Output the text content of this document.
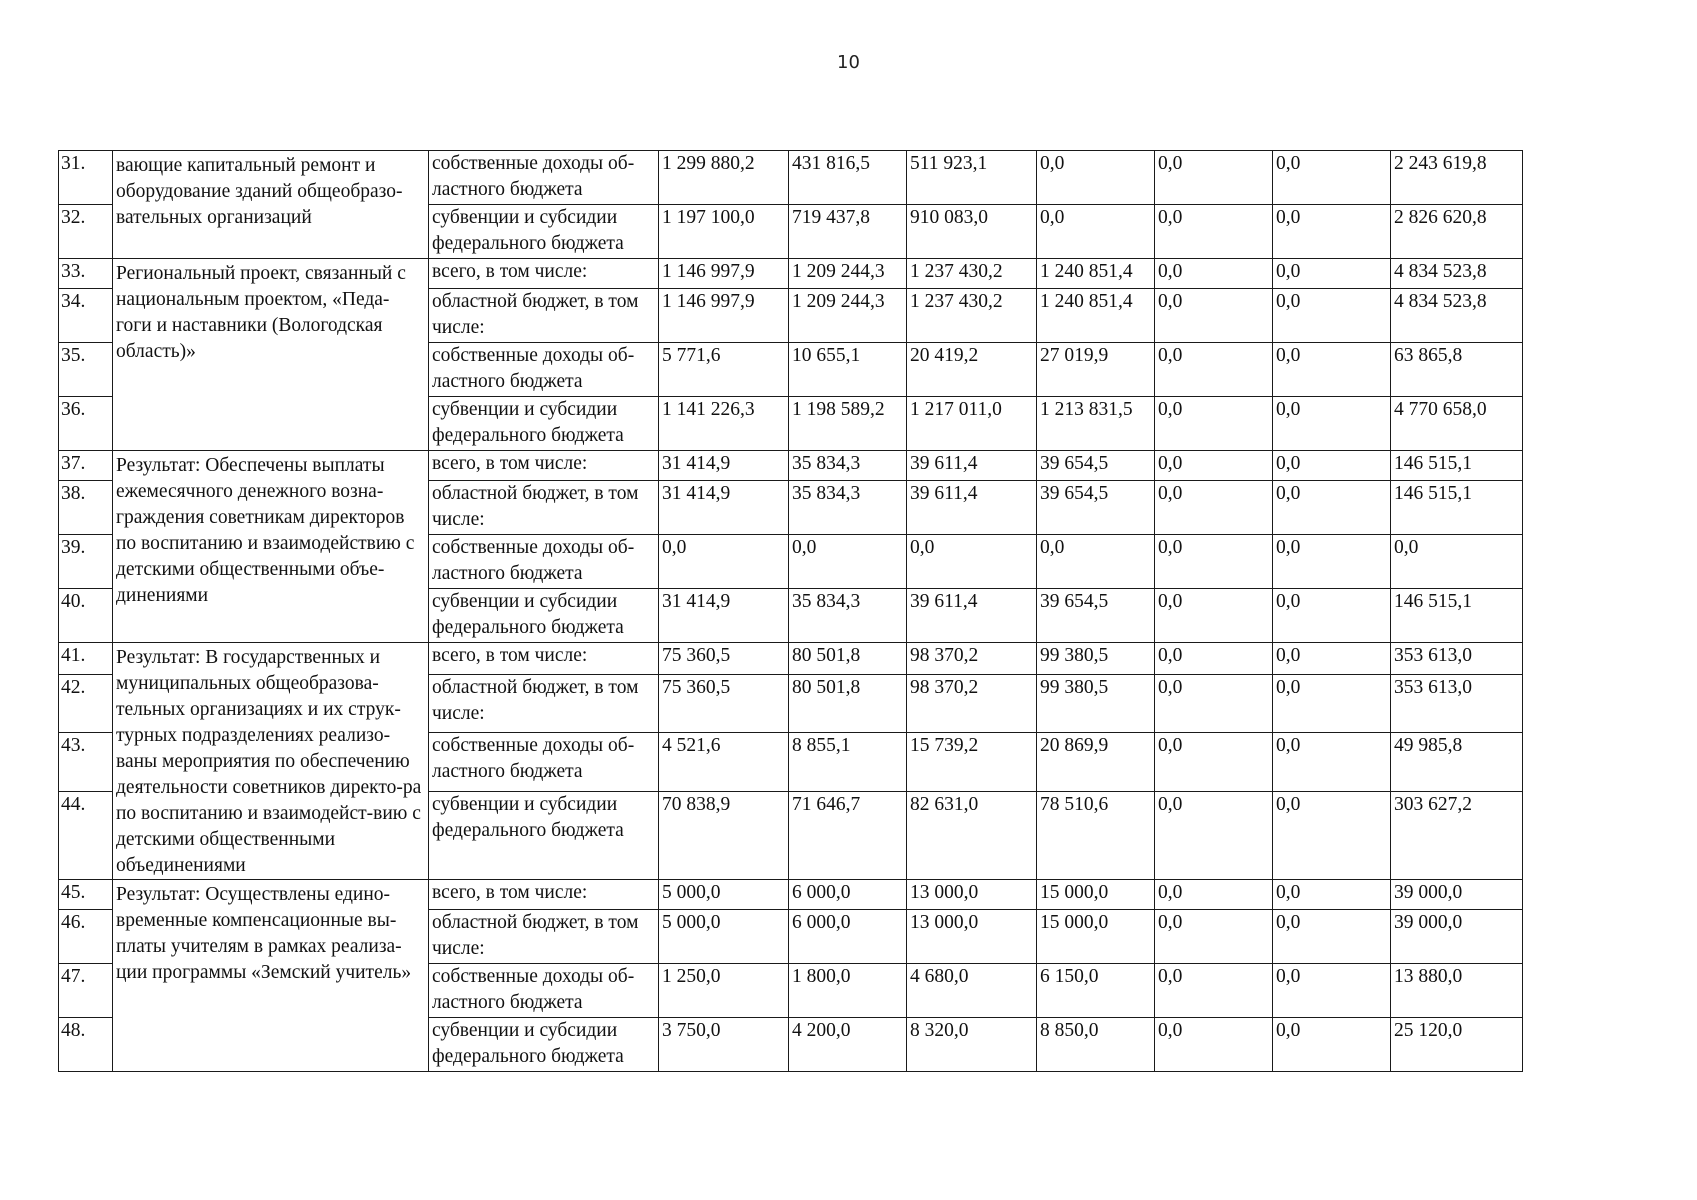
10
31.	вающие капитальный ремонт и оборудование зданий общеобразо-вательных организаций	собственные доходы об-ластного бюджета	1 299 880,2	431 816,5	511 923,1	0,0	0,0	0,0	2 243 619,8
32.		субвенции и субсидии федерального бюджета	1 197 100,0	719 437,8	910 083,0	0,0	0,0	0,0	2 826 620,8
33.	Региональный проект, связанный с национальным проектом, «Педа-гоги и наставники (Вологодская область)»	всего, в том числе:	1 146 997,9	1 209 244,3	1 237 430,2	1 240 851,4	0,0	0,0	4 834 523,8
34.		областной бюджет, в том числе:	1 146 997,9	1 209 244,3	1 237 430,2	1 240 851,4	0,0	0,0	4 834 523,8
35.		собственные доходы об-ластного бюджета	5 771,6	10 655,1	20 419,2	27 019,9	0,0	0,0	63 865,8
36.		субвенции и субсидии федерального бюджета	1 141 226,3	1 198 589,2	1 217 011,0	1 213 831,5	0,0	0,0	4 770 658,0
37.	Результат: Обеспечены выплаты ежемесячного денежного возна-граждения советникам директоров по воспитанию и взаимодействию с детскими общественными объе-динениями	всего, в том числе:	31 414,9	35 834,3	39 611,4	39 654,5	0,0	0,0	146 515,1
38.		областной бюджет, в том числе:	31 414,9	35 834,3	39 611,4	39 654,5	0,0	0,0	146 515,1
39.		собственные доходы об-ластного бюджета	0,0	0,0	0,0	0,0	0,0	0,0	0,0
40.		субвенции и субсидии федерального бюджета	31 414,9	35 834,3	39 611,4	39 654,5	0,0	0,0	146 515,1
41.	Результат: В государственных и муниципальных общеобразова-тельных организациях и их струк-турных подразделениях реализо-ваны мероприятия по обеспечению деятельности советников директо-ра по воспитанию и взаимодейст-вию с детскими общественными объединениями	всего, в том числе:	75 360,5	80 501,8	98 370,2	99 380,5	0,0	0,0	353 613,0
42.		областной бюджет, в том числе:	75 360,5	80 501,8	98 370,2	99 380,5	0,0	0,0	353 613,0
43.		собственные доходы об-ластного бюджета	4 521,6	8 855,1	15 739,2	20 869,9	0,0	0,0	49 985,8
44.		субвенции и субсидии федерального бюджета	70 838,9	71 646,7	82 631,0	78 510,6	0,0	0,0	303 627,2
45.	Результат: Осуществлены едино-временные компенсационные вы-платы учителям в рамках реализа-ции программы «Земский учитель»	всего, в том числе:	5 000,0	6 000,0	13 000,0	15 000,0	0,0	0,0	39 000,0
46.		областной бюджет, в том числе:	5 000,0	6 000,0	13 000,0	15 000,0	0,0	0,0	39 000,0
47.		собственные доходы об-ластного бюджета	1 250,0	1 800,0	4 680,0	6 150,0	0,0	0,0	13 880,0
48.		субвенции и субсидии федерального бюджета	3 750,0	4 200,0	8 320,0	8 850,0	0,0	0,0	25 120,0
